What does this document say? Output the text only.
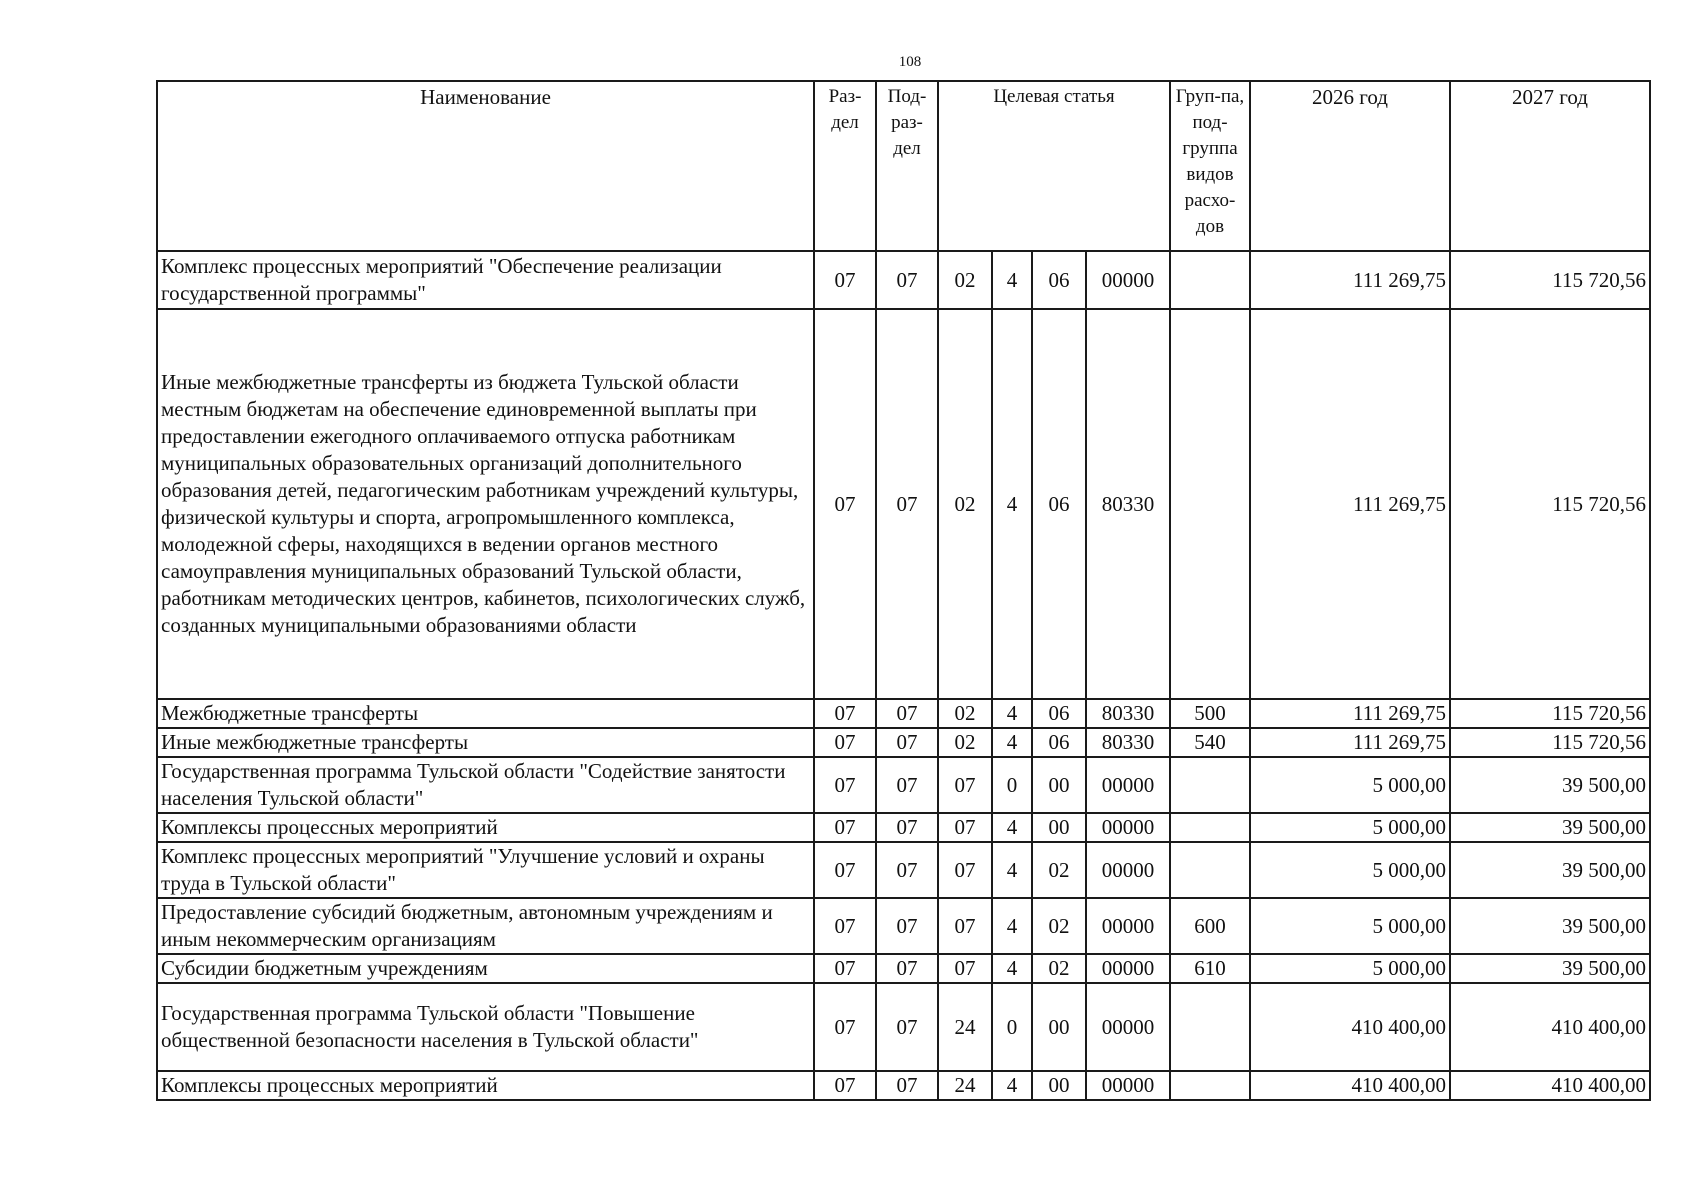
108
Наименование	Раз-дел	Под-раз-дел	Целевая статья				Груп-па, под-группа видов расхо-дов	2026 год	2027 год
Комплекс процессных мероприятий "Обеспечение реализации государственной программы"	07	07	02	4	06	00000		111 269,75	115 720,56
Иные межбюджетные трансферты из бюджета Тульской области местным бюджетам на обеспечение единовременной выплаты при предоставлении ежегодного оплачиваемого отпуска работникам муниципальных образовательных организаций дополнительного образования детей, педагогическим работникам учреждений культуры, физической культуры и спорта, агропромышленного комплекса, молодежной сферы, находящихся в ведении органов местного самоуправления муниципальных образований Тульской области, работникам методических центров, кабинетов, психологических служб, созданных муниципальными образованиями области	07	07	02	4	06	80330		111 269,75	115 720,56
Межбюджетные трансферты	07	07	02	4	06	80330	500	111 269,75	115 720,56
Иные межбюджетные трансферты	07	07	02	4	06	80330	540	111 269,75	115 720,56
Государственная программа Тульской области "Содействие занятости населения Тульской области"	07	07	07	0	00	00000		5 000,00	39 500,00
Комплексы процессных мероприятий	07	07	07	4	00	00000		5 000,00	39 500,00
Комплекс процессных мероприятий "Улучшение условий и охраны труда в Тульской области"	07	07	07	4	02	00000		5 000,00	39 500,00
Предоставление субсидий бюджетным, автономным учреждениям и иным некоммерческим организациям	07	07	07	4	02	00000	600	5 000,00	39 500,00
Субсидии бюджетным учреждениям	07	07	07	4	02	00000	610	5 000,00	39 500,00
Государственная программа Тульской области "Повышение общественной безопасности населения в Тульской области"	07	07	24	0	00	00000		410 400,00	410 400,00
Комплексы процессных мероприятий	07	07	24	4	00	00000		410 400,00	410 400,00
